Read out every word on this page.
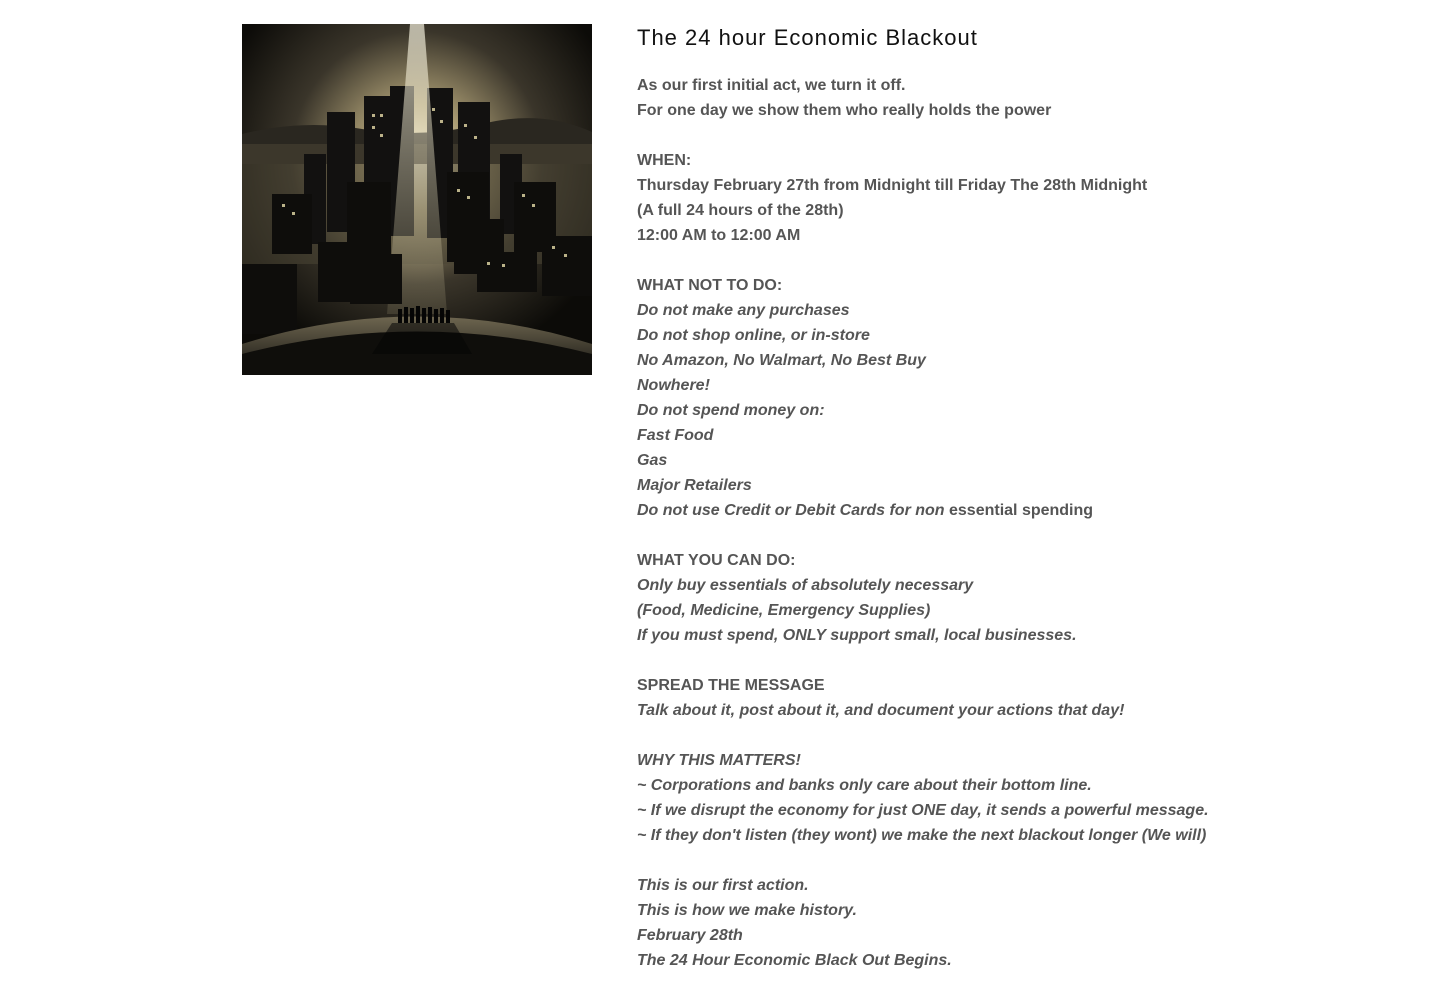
The 24 hour Economic Blackout
As our first initial act, we turn it off.
For one day we show them who really holds the power
WHEN:
Thursday February 27th from Midnight till Friday The 28th Midnight
(A full 24 hours of the 28th)
12:00 AM to 12:00 AM
WHAT NOT TO DO:
Do not make any purchases
Do not shop online, or in-store
No Amazon, No Walmart, No Best Buy
Nowhere!
Do not spend money on:
Fast Food
Gas
Major Retailers
Do not use Credit or Debit Cards for non essential spending
WHAT YOU CAN DO:
Only buy essentials of absolutely necessary
(Food, Medicine, Emergency Supplies)
If you must spend, ONLY support small, local businesses.
SPREAD THE MESSAGE
Talk about it, post about it, and document your actions that day!
WHY THIS MATTERS!
~ Corporations and banks only care about their bottom line.
~ If we disrupt the economy for just ONE day, it sends a powerful message.
~ If they don't listen (they wont) we make the next blackout longer (We will)
This is our first action.
This is how we make history.
February 28th
The 24 Hour Economic Black Out Begins.
